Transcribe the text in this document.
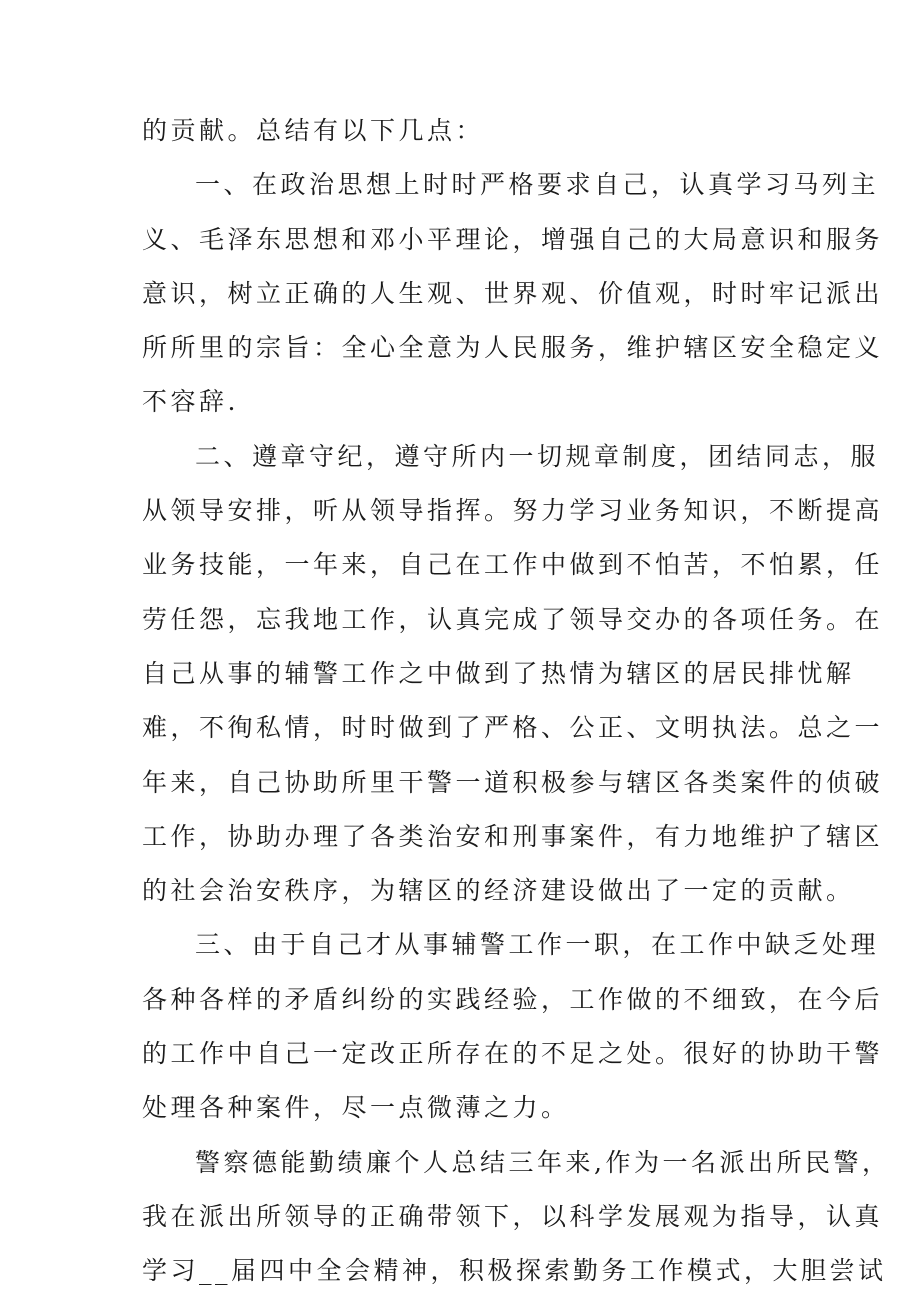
的贡献。总结有以下几点：
一、在政治思想上时时严格要求自己，认真学习马列主
义、毛泽东思想和邓小平理论，增强自己的大局意识和服务
意识，树立正确的人生观、世界观、价值观，时时牢记派出
所所里的宗旨：全心全意为人民服务，维护辖区安全稳定义
不容辞.
二、遵章守纪，遵守所内一切规章制度，团结同志，服
从领导安排，听从领导指挥。努力学习业务知识，不断提高
业务技能，一年来，自己在工作中做到不怕苦，不怕累，任
劳任怨，忘我地工作，认真完成了领导交办的各项任务。在
自己从事的辅警工作之中做到了热情为辖区的居民排忧解
难，不徇私情，时时做到了严格、公正、文明执法。总之一
年来，自己协助所里干警一道积极参与辖区各类案件的侦破
工作，协助办理了各类治安和刑事案件，有力地维护了辖区
的社会治安秩序，为辖区的经济建设做出了一定的贡献。
三、由于自己才从事辅警工作一职，在工作中缺乏处理
各种各样的矛盾纠纷的实践经验，工作做的不细致，在今后
的工作中自己一定改正所存在的不足之处。很好的协助干警
处理各种案件，尽一点微薄之力。
警察德能勤绩廉个人总结三年来,作为一名派出所民警，
我在派出所领导的正确带领下，以科学发展观为指导，认真
学习__届四中全会精神，积极探索勤务工作模式，大胆尝试
